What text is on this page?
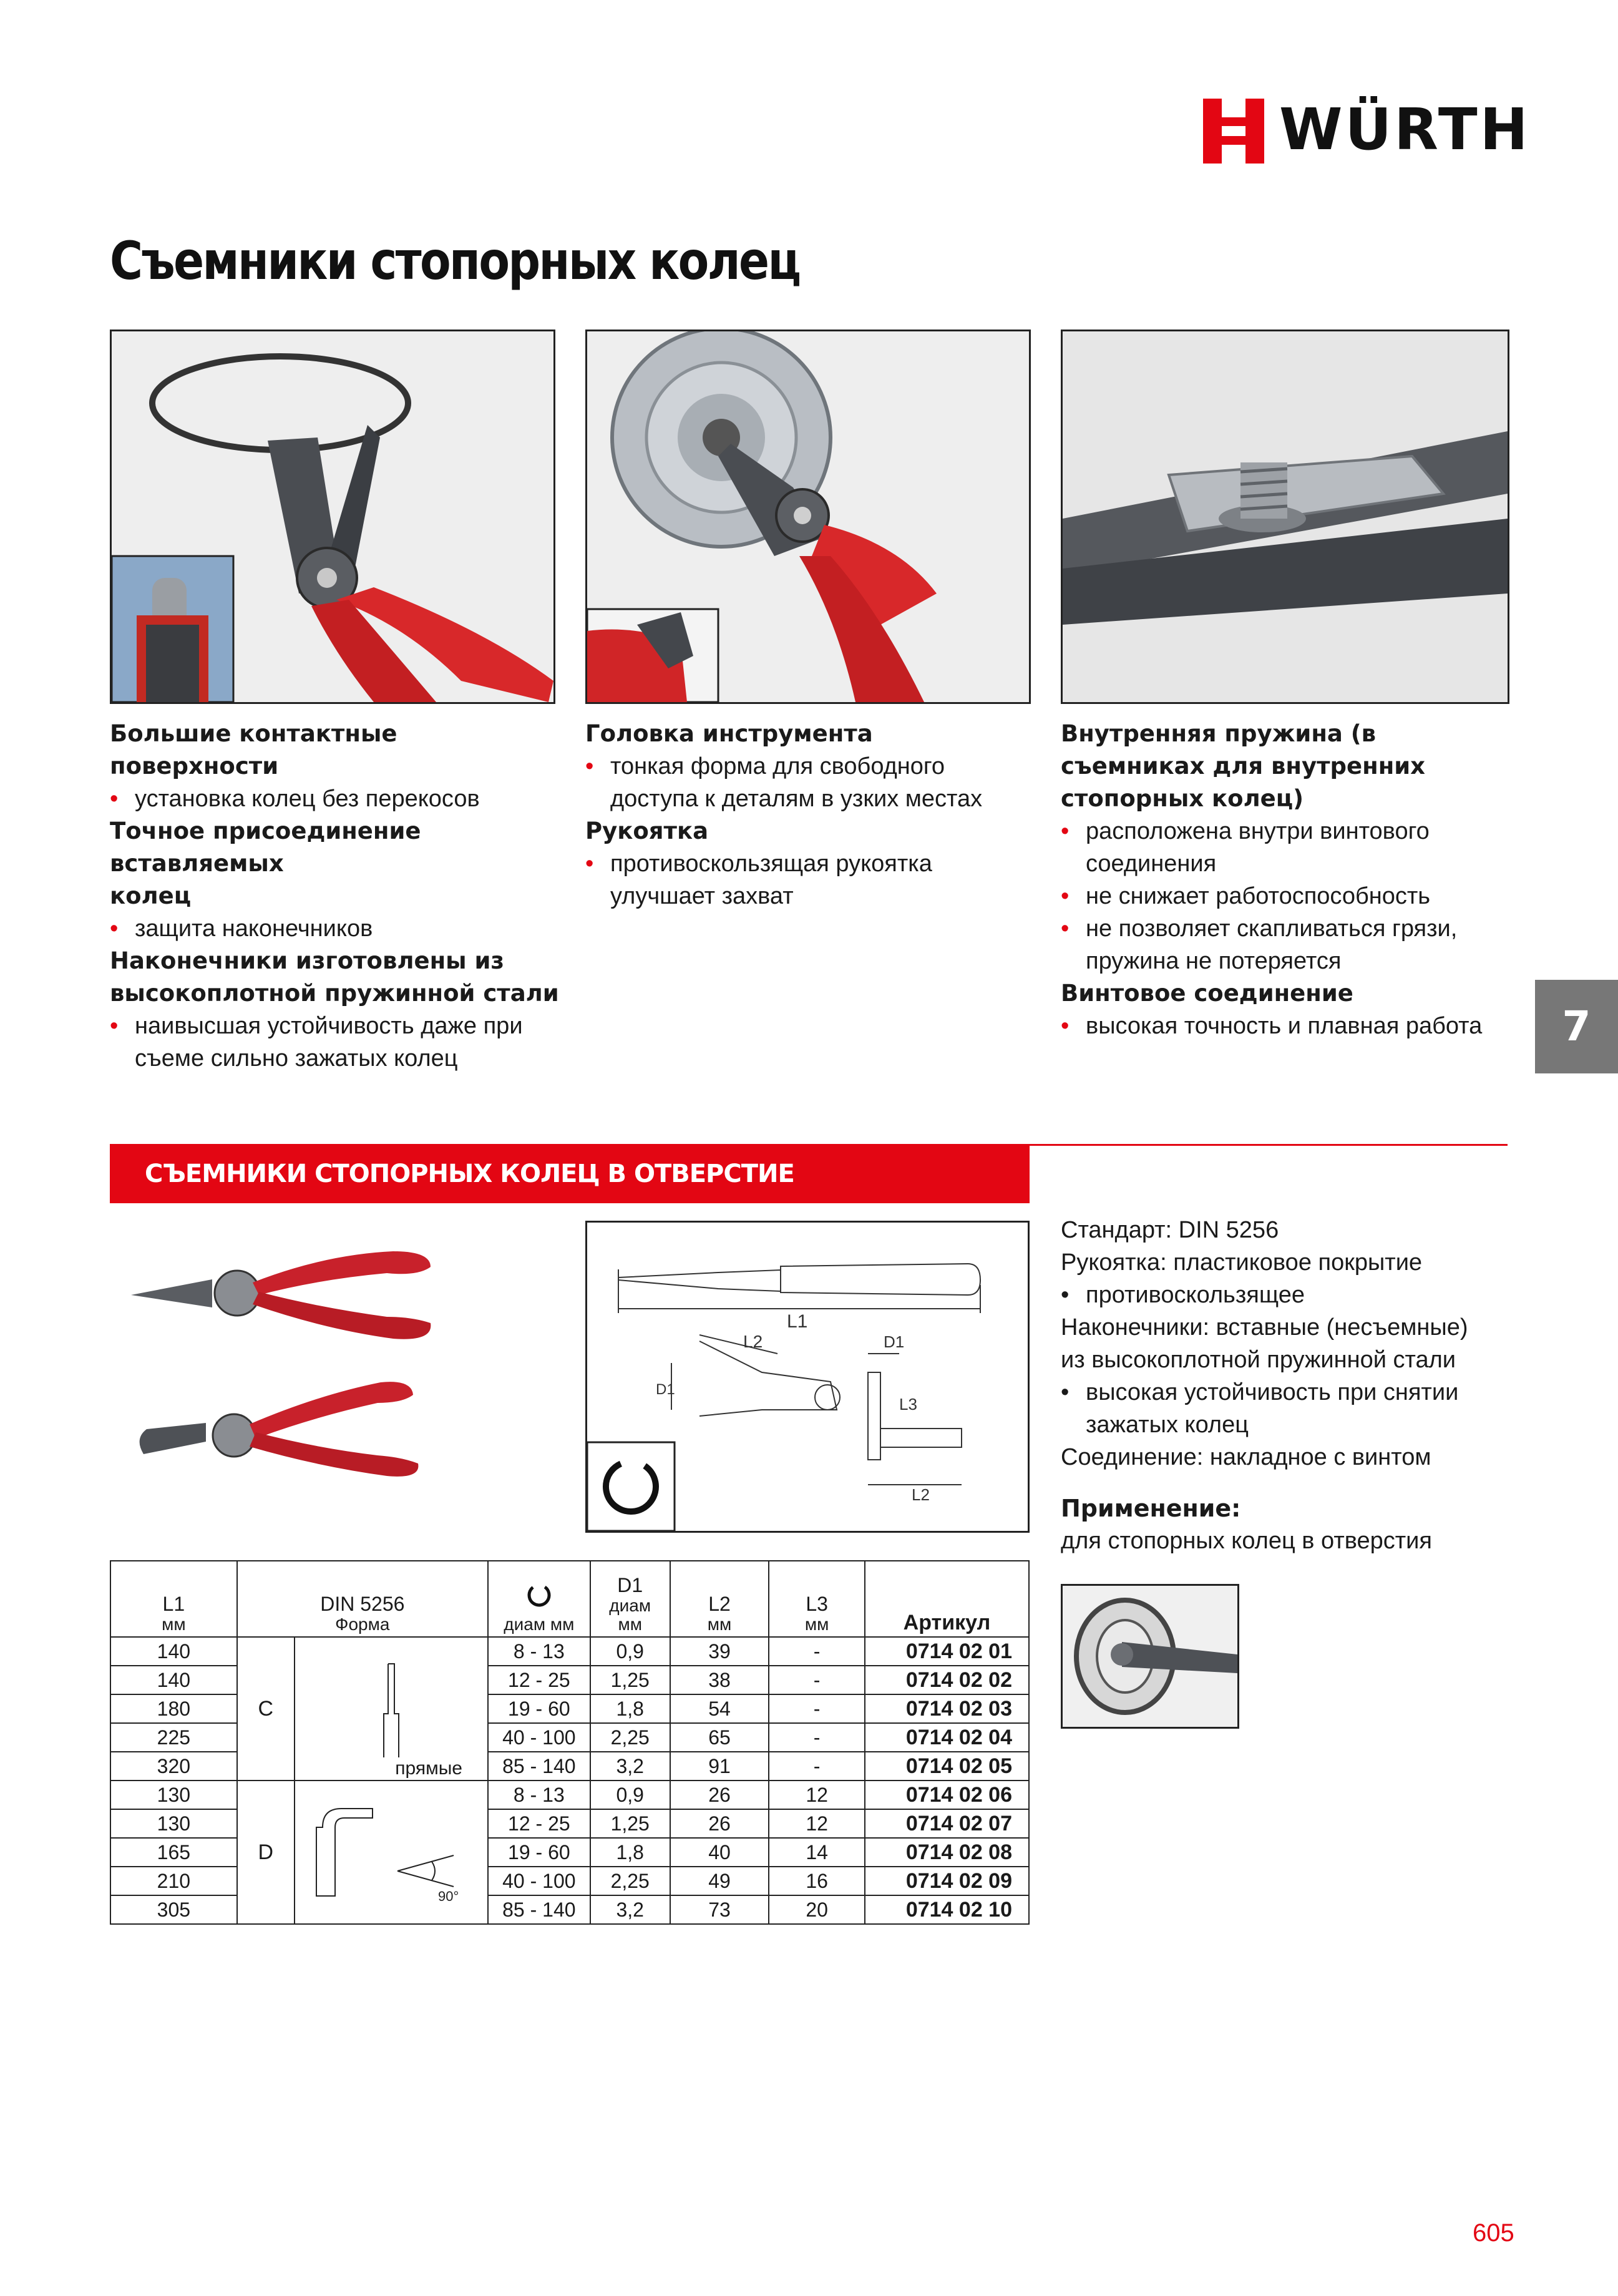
WÜRTH
Съемники стопорных колец
Большие контактные
поверхности
• установка колец без перекосов
Точное присоединение
вставляемых
колец
• защита наконечников
Наконечники изготовлены из
высокоплотной пружинной стали
• наивысшая устойчивость даже при съеме сильно зажатых колец
Головка инструмента
• тонкая форма для свободного доступа к деталям в узких местах
Рукоятка
• противоскользящая рукоятка улучшает захват
Внутренняя пружина (в
съемниках для внутренних
стопорных колец)
• расположена внутри винтового соединения
• не снижает работоспособность
• не позволяет скапливаться грязи, пружина не потеряется
Винтовое соединение
• высокая точность и плавная работа	7
СЪЕМНИКИ СТОПОРНЫХ КОЛЕЦ В ОТВЕРСТИЕ
L1
L2
D1
D1
L3
L2
Стандарт: DIN 5256
Рукоятка: пластиковое покрытие
• противоскользящее
Наконечники: вставные (несъемные)
из высокоплотной пружинной стали
• высокая устойчивость при снятии
зажатых колец
Соединение: накладное с винтом
Применение:
для стопорных колец в отверстия
L1
мм	DIN 5256
Форма		диам мм	D1
диам
мм	L2
мм	L3
мм	Артикул
140	C	прямые	8 - 13	0,9	39	-	0714 02 01
140			12 - 25	1,25	38	-	0714 02 02
180			19 - 60	1,8	54	-	0714 02 03
225			40 - 100	2,25	65	-	0714 02 04
320			85 - 140	3,2	91	-	0714 02 05
130	D	90°	8 - 13	0,9	26	12	0714 02 06
130			12 - 25	1,25	26	12	0714 02 07
165			19 - 60	1,8	40	14	0714 02 08
210			40 - 100	2,25	49	16	0714 02 09
305			85 - 140	3,2	73	20	0714 02 10
605
